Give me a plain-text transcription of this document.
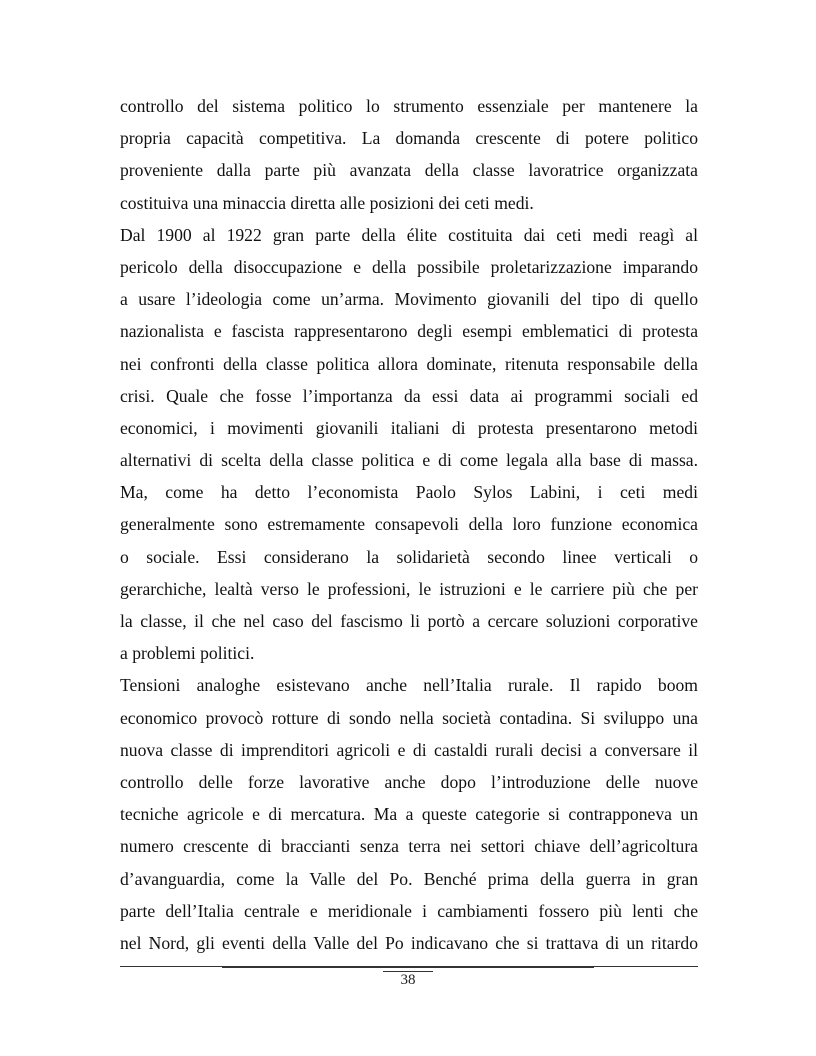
controllo del sistema politico lo strumento essenziale per mantenere la
propria capacità competitiva. La domanda crescente di potere politico
proveniente dalla parte più avanzata della classe lavoratrice organizzata
costituiva una minaccia diretta alle posizioni dei ceti medi.
Dal 1900 al 1922 gran parte della élite costituita dai ceti medi reagì al
pericolo della disoccupazione e della possibile proletarizzazione imparando
a usare l’ideologia come un’arma. Movimento giovanili del tipo di quello
nazionalista e fascista rappresentarono degli esempi emblematici di protesta
nei confronti della classe politica allora dominate, ritenuta responsabile della
crisi. Quale che fosse l’importanza da essi data ai programmi sociali ed
economici, i movimenti giovanili italiani di protesta presentarono metodi
alternativi di scelta della classe politica e di come legala alla base di massa.
Ma, come ha detto l’economista Paolo Sylos Labini, i ceti medi
generalmente sono estremamente consapevoli della loro funzione economica
o sociale. Essi considerano la solidarietà secondo linee verticali o
gerarchiche, lealtà verso le professioni, le istruzioni e le carriere più che per
la classe, il che nel caso del fascismo li portò a cercare soluzioni corporative
a problemi politici.
Tensioni analoghe esistevano anche nell’Italia rurale. Il rapido boom
economico provocò rotture di sondo nella società contadina. Si sviluppo una
nuova classe di imprenditori agricoli e di castaldi rurali decisi a conversare il
controllo delle forze lavorative anche dopo l’introduzione delle nuove
tecniche agricole e di mercatura. Ma a queste categorie si contrapponeva un
numero crescente di braccianti senza terra nei settori chiave dell’agricoltura
d’avanguardia, come la Valle del Po. Benché prima della guerra in gran
parte dell’Italia centrale e meridionale i cambiamenti fossero più lenti che
nel Nord, gli eventi della Valle del Po indicavano che si trattava di un ritardo
38
